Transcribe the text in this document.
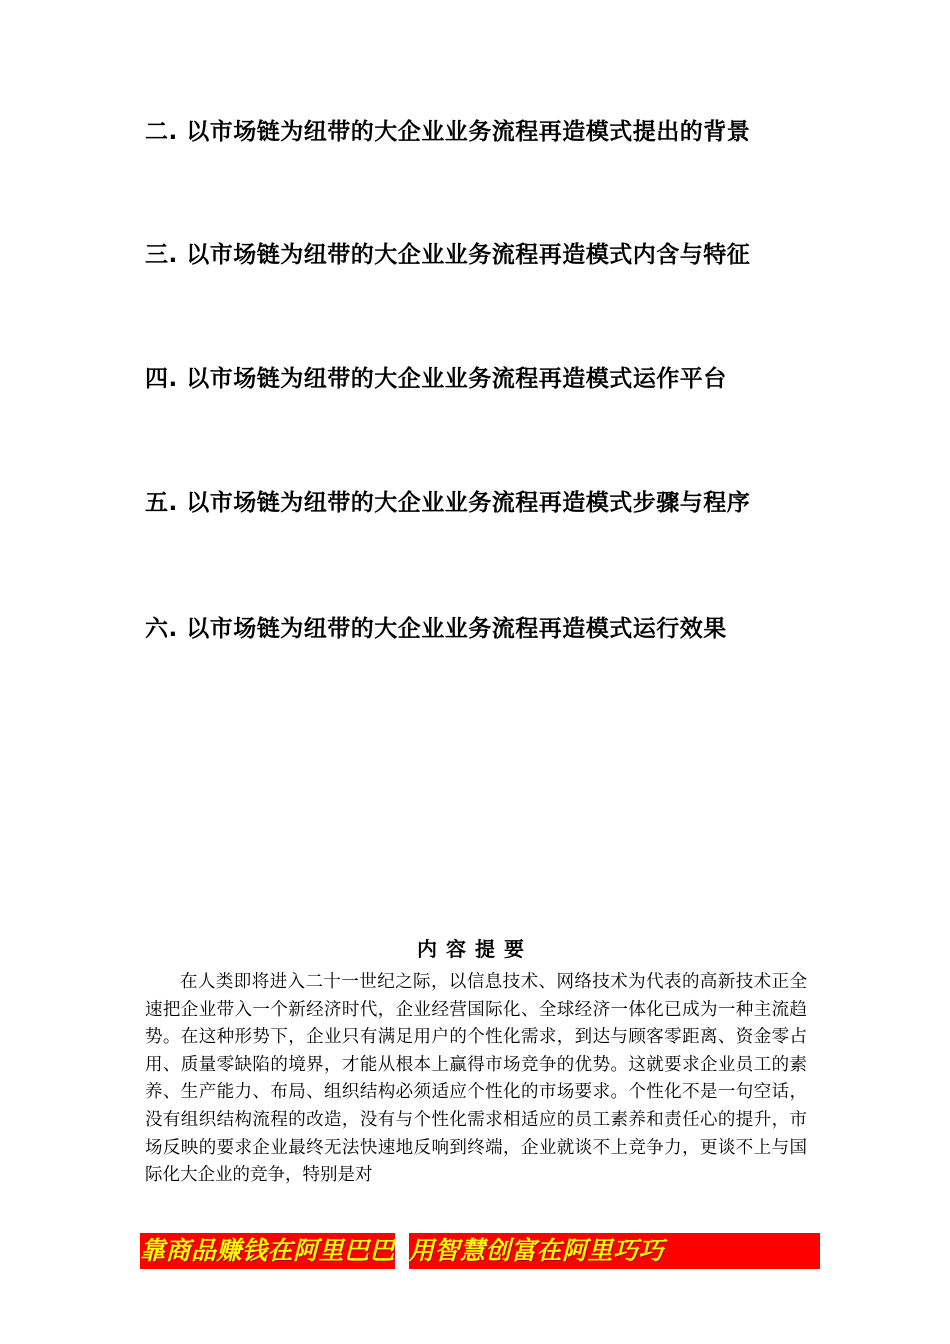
二. 以市场链为纽带的大企业业务流程再造模式提出的背景
三. 以市场链为纽带的大企业业务流程再造模式内含与特征
四. 以市场链为纽带的大企业业务流程再造模式运作平台
五. 以市场链为纽带的大企业业务流程再造模式步骤与程序
六. 以市场链为纽带的大企业业务流程再造模式运行效果
内容提要
在人类即将进入二十一世纪之际，以信息技术、网络技术为代表的高新技术正全速把企业带入一个新经济时代，企业经营国际化、全球经济一体化已成为一种主流趋势。在这种形势下，企业只有满足用户的个性化需求，到达与顾客零距离、资金零占用、质量零缺陷的境界，才能从根本上赢得市场竞争的优势。这就要求企业员工的素养、生产能力、布局、组织结构必须适应个性化的市场要求。个性化不是一句空话，没有组织结构流程的改造，没有与个性化需求相适应的员工素养和责任心的提升，市场反映的要求企业最终无法快速地反响到终端，企业就谈不上竞争力，更谈不上与国际化大企业的竞争，特别是对
靠商品赚钱在阿里巴巴 用智慧创富在阿里巧巧
